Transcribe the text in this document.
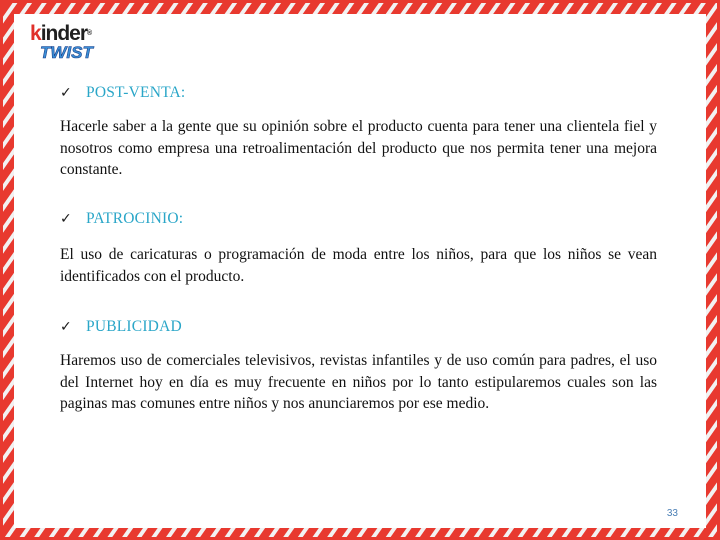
kinder®
TWIST
✓ POST-VENTA:

Hacerle saber a la gente que su opinión sobre el producto cuenta para tener una clientela fiel y nosotros como empresa una retroalimentación del producto que nos permita tener una mejora constante.

✓ PATROCINIO:

El uso de caricaturas o programación de moda entre los niños, para que los niños se vean identificados con el producto.

✓ PUBLICIDAD

Haremos uso de comerciales televisivos, revistas infantiles y de uso común para padres, el uso del Internet hoy en día es muy frecuente en niños por lo tanto estipularemos cuales son las paginas mas comunes entre niños y nos anunciaremos por ese medio.

33
